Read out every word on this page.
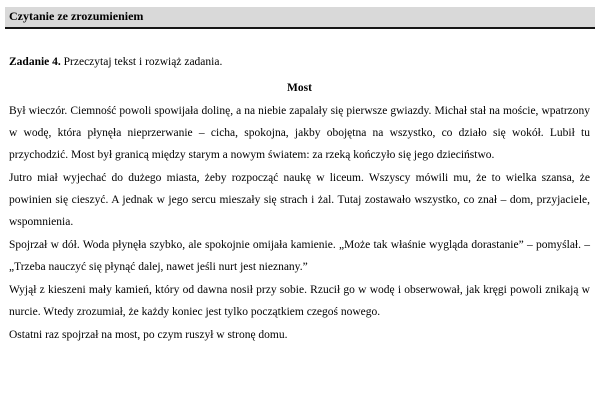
Czytanie ze zrozumieniem

Zadanie 4. Przeczytaj tekst i rozwiąż zadania.

Most

Był wieczór. Ciemność powoli spowijała dolinę, a na niebie zapalały się pierwsze gwiazdy. Michał stał na moście, wpatrzony w wodę, która płynęła nieprzerwanie – cicha, spokojna, jakby obojętna na wszystko, co działo się wokół. Lubił tu przychodzić. Most był granicą między starym a nowym światem: za rzeką kończyło się jego dzieciństwo.

Jutro miał wyjechać do dużego miasta, żeby rozpocząć naukę w liceum. Wszyscy mówili mu, że to wielka szansa, że powinien się cieszyć. A jednak w jego sercu mieszały się strach i żal. Tutaj zostawało wszystko, co znał – dom, przyjaciele, wspomnienia.

Spojrzał w dół. Woda płynęła szybko, ale spokojnie omijała kamienie. „Może tak właśnie wygląda dorastanie” – pomyślał. – „Trzeba nauczyć się płynąć dalej, nawet jeśli nurt jest nieznany.”

Wyjął z kieszeni mały kamień, który od dawna nosił przy sobie. Rzucił go w wodę i obserwował, jak kręgi powoli znikają w nurcie. Wtedy zrozumiał, że każdy koniec jest tylko początkiem czegoś nowego.

Ostatni raz spojrzał na most, po czym ruszył w stronę domu.
